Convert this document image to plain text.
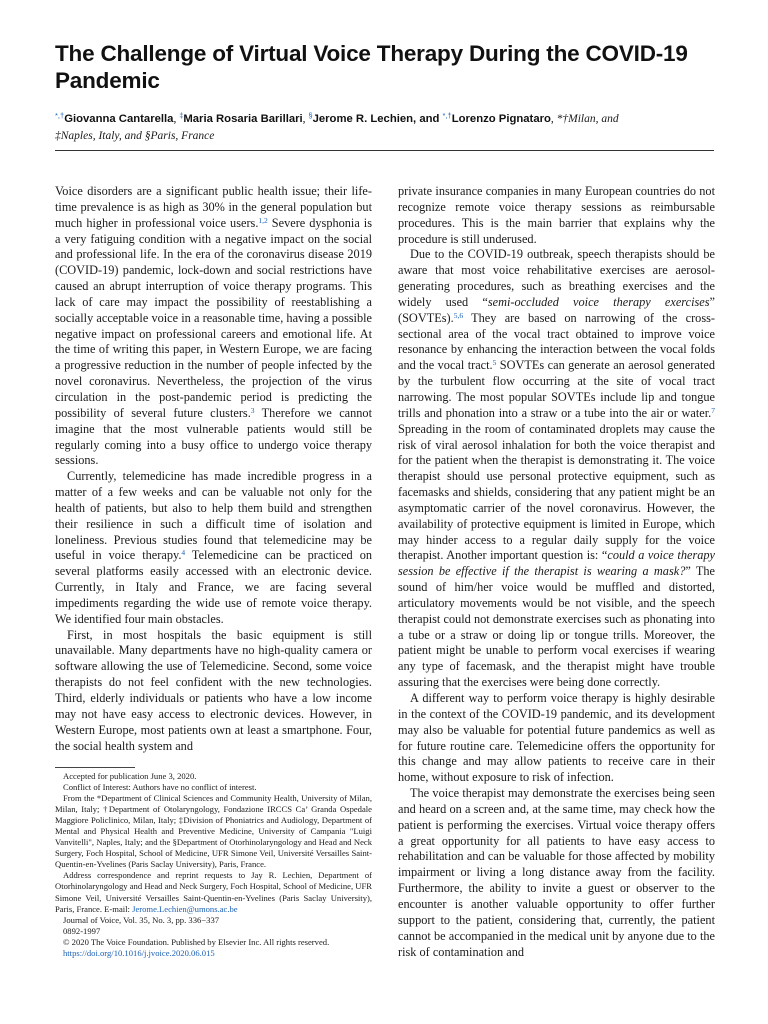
The Challenge of Virtual Voice Therapy During the COVID-19 Pandemic
*,†Giovanna Cantarella, ‡Maria Rosaria Barillari, §Jerome R. Lechien, and *,†Lorenzo Pignataro, *†Milan, and
‡Naples, Italy, and §Paris, France

Voice disorders are a significant public health issue; their life-time prevalence is as high as 30% in the general population but much higher in professional voice users.$^{1,2}$ Severe dysphonia is a very fatiguing condition with a negative impact on the social and professional life. In the era of the coronavirus disease 2019 (COVID-19) pandemic, lock-down and social restrictions have caused an abrupt interruption of voice therapy programs. This lack of care may impact the possibility of reestablishing a socially acceptable voice in a reasonable time, having a possible negative impact on professional careers and emotional life. At the time of writing this paper, in Western Europe, we are facing a progressive reduction in the number of people infected by the novel coronavirus. Nevertheless, the projection of the virus circulation in the post-pandemic period is predicting the possibility of several future clusters.$^3$ Therefore we cannot imagine that the most vulnerable patients would still be regularly coming into a busy office to undergo voice therapy sessions.

Currently, telemedicine has made incredible progress in a matter of a few weeks and can be valuable not only for the health of patients, but also to help them build and strengthen their resilience in such a difficult time of isolation and loneliness. Previous studies found that telemedicine may be useful in voice therapy.$^4$ Telemedicine can be practiced on several platforms easily accessed with an electronic device. Currently, in Italy and France, we are facing several impediments regarding the wide use of remote voice therapy. We identified four main obstacles.

First, in most hospitals the basic equipment is still unavailable. Many departments have no high-quality camera or software allowing the use of Telemedicine. Second, some voice therapists do not feel confident with the new technologies. Third, elderly individuals or patients who have a low income may not have easy access to electronic devices. However, in Western Europe, most patients own at least a smartphone. Four, the social health system and

private insurance companies in many European countries do not recognize remote voice therapy sessions as reimbursable procedures. This is the main barrier that explains why the procedure is still underused.

Due to the COVID-19 outbreak, speech therapists should be aware that most voice rehabilitative exercises are aerosol-generating procedures, such as breathing exercises and the widely used “semi-occluded voice therapy exercises” (SOVTEs).$^{5,6}$ They are based on narrowing of the cross-sectional area of the vocal tract obtained to improve voice resonance by enhancing the interaction between the vocal folds and the vocal tract.$^5$ SOVTEs can generate an aerosol generated by the turbulent flow occurring at the site of vocal tract narrowing. The most popular SOVTEs include lip and tongue trills and phonation into a straw or a tube into the air or water.$^7$ Spreading in the room of contaminated droplets may cause the risk of viral aerosol inhalation for both the voice therapist and for the patient when the therapist is demonstrating it. The voice therapist should use personal protective equipment, such as facemasks and shields, considering that any patient might be an asymptomatic carrier of the novel coronavirus. However, the availability of protective equipment is limited in Europe, which may hinder access to a regular daily supply for the voice therapist. Another important question is: “could a voice therapy session be effective if the therapist is wearing a mask?” The sound of him/her voice would be muffled and distorted, articulatory movements would be not visible, and the speech therapist could not demonstrate exercises such as phonating into a tube or a straw or doing lip or tongue trills. Moreover, the patient might be unable to perform vocal exercises if wearing any type of facemask, and the therapist might have trouble assuring that the exercises were being done correctly.

A different way to perform voice therapy is highly desirable in the context of the COVID-19 pandemic, and its development may also be valuable for potential future pandemics as well as for future routine care. Telemedicine offers the opportunity for this change and may allow patients to receive care in their home, without exposure to risk of infection.

The voice therapist may demonstrate the exercises being seen and heard on a screen and, at the same time, may check how the patient is performing the exercises. Virtual voice therapy offers a great opportunity for all patients to have easy access to rehabilitation and can be valuable for those affected by mobility impairment or living a long distance away from the facility. Furthermore, the ability to invite a guest or observer to the encounter is another valuable opportunity to offer further support to the patient, considering that, currently, the patient cannot be accompanied in the medical unit by anyone due to the risk of contamination and

Accepted for publication June 3, 2020.

Conflict of Interest: Authors have no conflict of interest.

From the *Department of Clinical Sciences and Community Health, University of Milan, Milan, Italy; †Department of Otolaryngology, Fondazione IRCCS Ca’ Granda Ospedale Maggiore Policlinico, Milan, Italy; ‡Division of Phoniatrics and Audiology, Department of Mental and Physical Health and Preventive Medicine, University of Campania "Luigi Vanvitelli", Naples, Italy; and the §Department of Otorhinolaryngology and Head and Neck Surgery, Foch Hospital, School of Medicine, UFR Simone Veil, Université Versailles Saint-Quentin-en-Yvelines (Paris Saclay University), Paris, France.

Address correspondence and reprint requests to Jay R. Lechien, Department of Otorhinolaryngology and Head and Neck Surgery, Foch Hospital, School of Medicine, UFR Simone Veil, Université Versailles Saint-Quentin-en-Yvelines (Paris Saclay University), Paris, France. E-mail: Jerome.Lechien@umons.ac.be

Journal of Voice, Vol. 35, No. 3, pp. 336−337

0892-1997

© 2020 The Voice Foundation. Published by Elsevier Inc. All rights reserved.

https://doi.org/10.1016/j.jvoice.2020.06.015
